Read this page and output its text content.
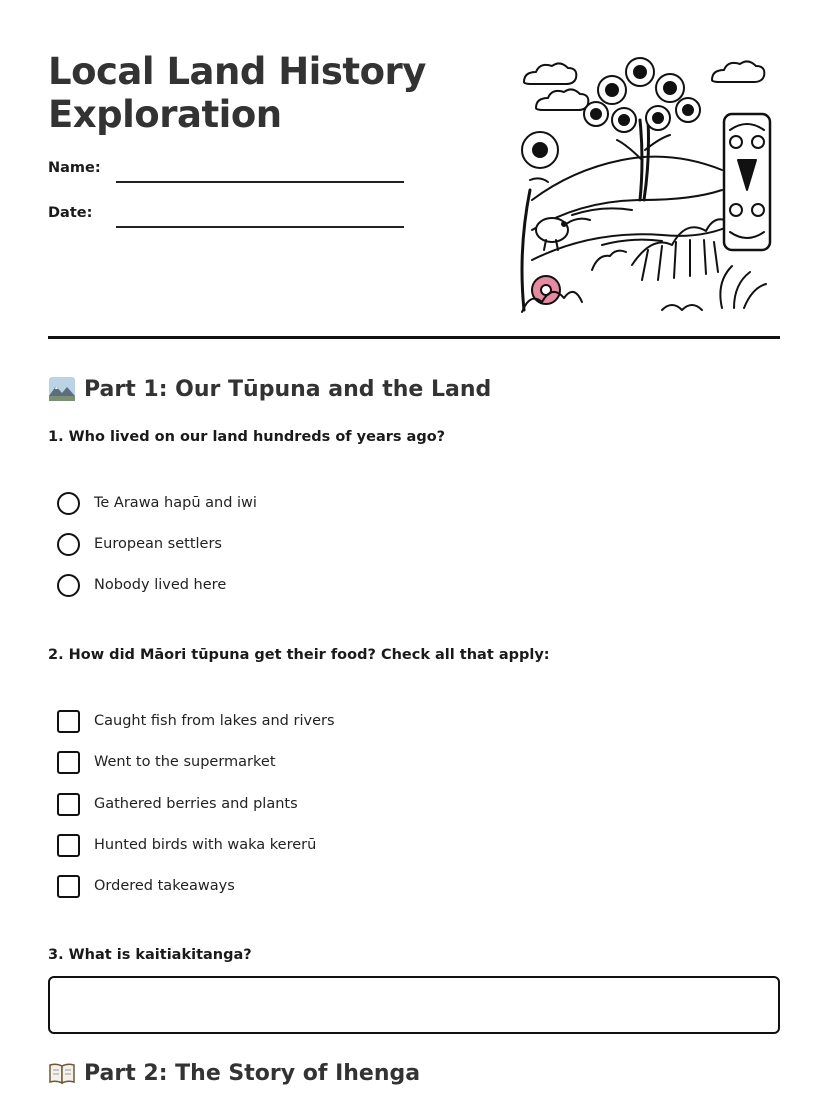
Local Land History
Exploration
Name:
Date:
Part 1: Our Tūpuna and the Land
1. Who lived on our land hundreds of years ago?
Te Arawa hapū and iwi
European settlers
Nobody lived here
2. How did Māori tūpuna get their food? Check all that apply:
Caught fish from lakes and rivers
Went to the supermarket
Gathered berries and plants
Hunted birds with waka kererū
Ordered takeaways
3. What is kaitiakitanga?
Part 2: The Story of Ihenga
